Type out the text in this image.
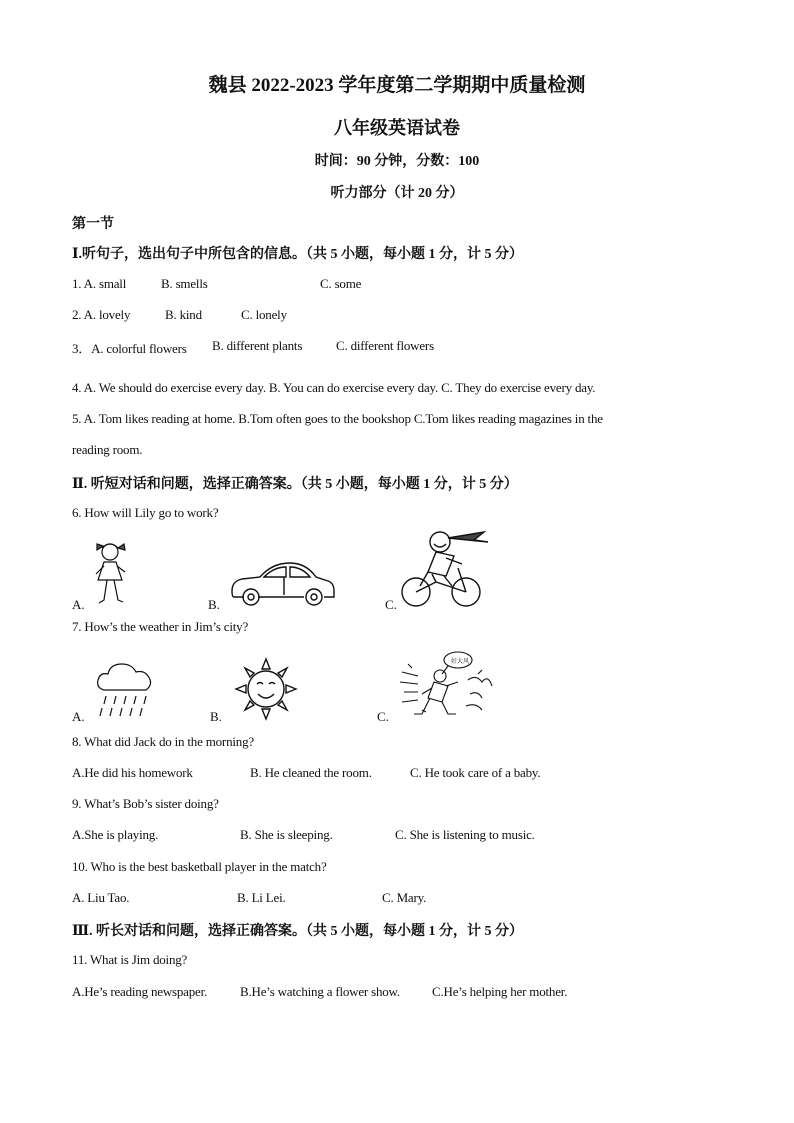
魏县 2022-2023 学年度第二学期期中质量检测
八年级英语试卷
时间：90 分钟，分数：100
听力部分（计 20 分）
第一节
Ⅰ.听句子，选出句子中所包含的信息。（共 5 小题，每小题 1 分，计 5 分）
1. A. small	B. smells	C. some
2. A. lovely	B. kind	C. lonely
3．A. colorful flowers B. different plants	C. different flowers
4. A. We should do exercise every day. B. You can do exercise every day. C. They do exercise every day.
5. A. Tom likes reading at home. B.Tom often goes to the bookshop C.Tom likes reading magazines in the
reading room.
Ⅱ. 听短对话和问题，选择正确答案。（共 5 小题，每小题 1 分，计 5 分）
6. How will Lily go to work?
A.	B.	C.
7. How’s the weather in Jim’s city?
A.	B.	C.
好大风
8. What did Jack do in the morning?
A.He did his homework	B. He cleaned the room.	C. He took care of a baby.
9. What’s Bob’s sister doing?
A.She is playing.	B. She is sleeping.	C. She is listening to music.
10. Who is the best basketball player in the match?
A. Liu Tao.	B. Li Lei.	C. Mary.
Ⅲ. 听长对话和问题，选择正确答案。（共 5 小题，每小题 1 分，计 5 分）
11. What is Jim doing?
A.He’s reading newspaper.	B.He’s watching a flower show. C.He’s helping her mother.
